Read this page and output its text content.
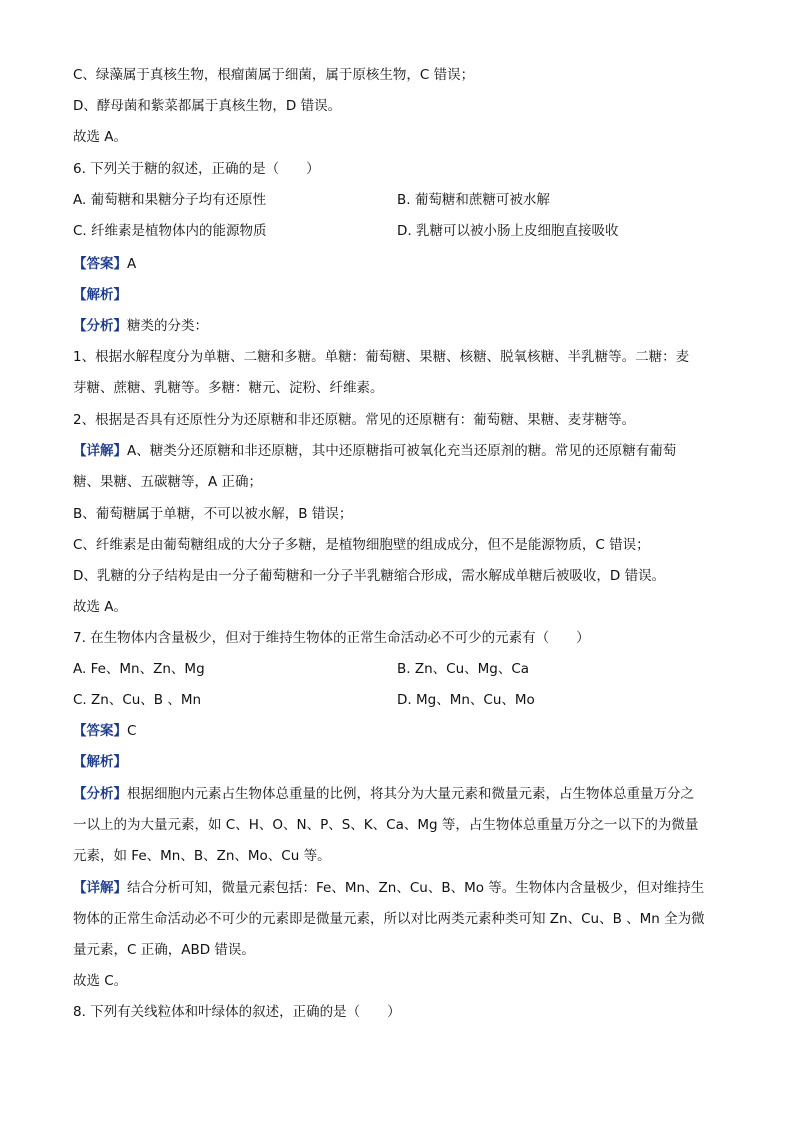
C、绿藻属于真核生物，根瘤菌属于细菌，属于原核生物，C 错误；
D、酵母菌和紫菜都属于真核生物，D 错误。
故选 A。
6. 下列关于糖的叙述，正确的是（　　）
A. 葡萄糖和果糖分子均有还原性	B. 葡萄糖和蔗糖可被水解
C. 纤维素是植物体内的能源物质	D. 乳糖可以被小肠上皮细胞直接吸收
【答案】A
【解析】
【分析】糖类的分类：
1、根据水解程度分为单糖、二糖和多糖。单糖：葡萄糖、果糖、核糖、脱氧核糖、半乳糖等。二糖：麦
芽糖、蔗糖、乳糖等。多糖：糖元、淀粉、纤维素。
2、根据是否具有还原性分为还原糖和非还原糖。常见的还原糖有：葡萄糖、果糖、麦芽糖等。
【详解】A、糖类分还原糖和非还原糖，其中还原糖指可被氧化充当还原剂的糖。常见的还原糖有葡萄
糖、果糖、五碳糖等，A 正确；
B、葡萄糖属于单糖，不可以被水解，B 错误；
C、纤维素是由葡萄糖组成的大分子多糖，是植物细胞壁的组成成分，但不是能源物质，C 错误；
D、乳糖的分子结构是由一分子葡萄糖和一分子半乳糖缩合形成，需水解成单糖后被吸收，D 错误。
故选 A。
7. 在生物体内含量极少，但对于维持生物体的正常生命活动必不可少的元素有（　　）
A. Fe、Mn、Zn、Mg	B. Zn、Cu、Mg、Ca
C. Zn、Cu、B 、Mn	D. Mg、Mn、Cu、Mo
【答案】C
【解析】
【分析】根据细胞内元素占生物体总重量的比例，将其分为大量元素和微量元素，占生物体总重量万分之
一以上的为大量元素，如 C、H、O、N、P、S、K、Ca、Mg 等，占生物体总重量万分之一以下的为微量
元素，如 Fe、Mn、B、Zn、Mo、Cu 等。
【详解】结合分析可知，微量元素包括：Fe、Mn、Zn、Cu、B、Mo 等。生物体内含量极少，但对维持生
物体的正常生命活动必不可少的元素即是微量元素，所以对比两类元素种类可知 Zn、Cu、B 、Mn 全为微
量元素，C 正确，ABD 错误。
故选 C。
8. 下列有关线粒体和叶绿体的叙述，正确的是（　　）
